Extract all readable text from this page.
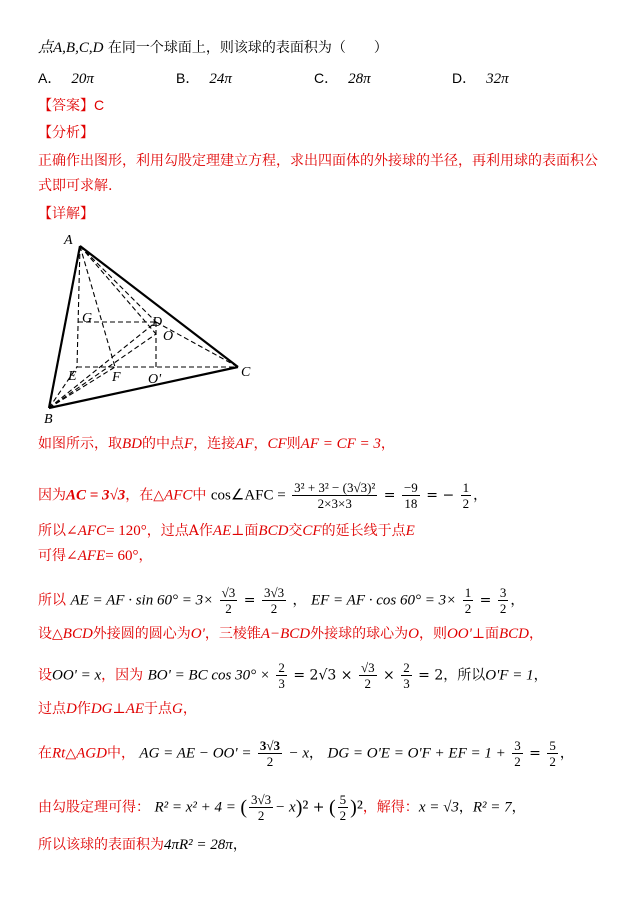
点A,B,C,D 在同一个球面上，则该球的表面积为（　　）
A． 20π	B． 24π	C． 28π	D． 32π
【答案】C
【分析】
正确作出图形，利用勾股定理建立方程，求出四面体的外接球的半径，再利用球的表面积公
式即可求解.
【详解】
A
G	D
O
E	F O'	C
B
如图所示，取BD的中点F，连接AF，CF则AF = CF = 3，
因为AC = 3√3，在△AFC中 cos∠AFC = $\frac{\text{3² + 3² − (3√3)²}}{2\times 3\times 3} = \frac{-9}{18}$ = − $\frac{1}{2}$ ，
所以∠AFC= 120°，过点A作AE⊥面BCD交CF的延长线于点E
可得∠AFE= 60°，
所以 AE = AF · $\sin 60^\circ = 3\times \frac{√3}{2} = \frac{3√3}{2}$ ， EF = AF · $\cos 60^\circ = 3\times \frac{1}{2} = \frac{3}{2}$ ，
设△BCD外接圆的圆心为O'，三棱锥A−BCD外接球的球心为O，则OO'⊥面BCD，
设OO' = x，因为 BO' = BC $\cos 30^\circ \times \frac{2}{3} = 2√3 \times \frac{√3}{2} \times \frac{2}{3} = 2$，所以O'F = 1，
过点D作DG⊥AE于点G，
在Rt△AGD中， AG = AE − $OO' = \frac{3√3}{2} - x$， DG = O'E = O'F + EF = $1 + \frac{3}{2} = \frac{5}{2}$ ，
由勾股定理可得： R² = x² + 4 = ( $\frac{3√3}{2} - x)^2$ + ( $\frac{5}{2} )^2$，解得：x = √3，R² = 7，
所以该球的表面积为4πR² = 28π，
